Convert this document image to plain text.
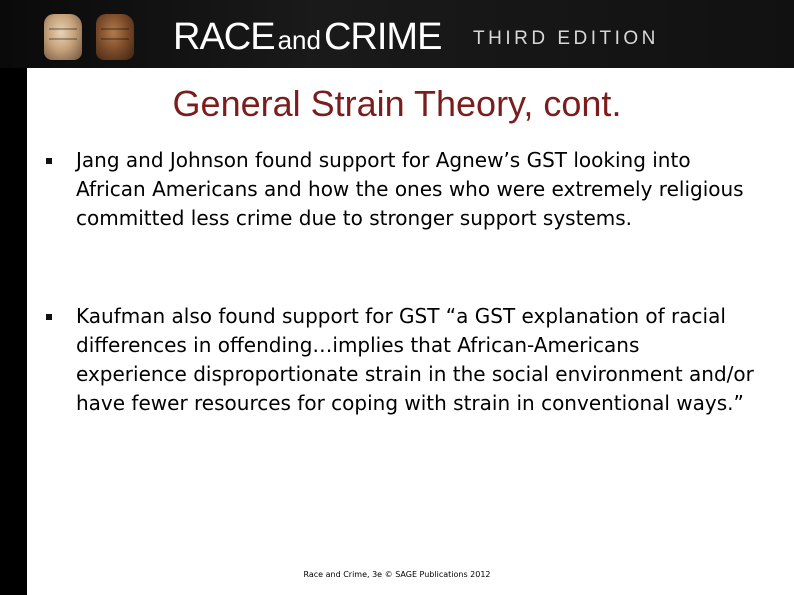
RACE andCRIME THIRD EDITION
General Strain Theory, cont.
Jang and Johnson found support for Agnew’s GST looking into African Americans and how the ones who were extremely religious committed less crime due to stronger support systems.
Kaufman also found support for GST “a GST explanation of racial differences in offending…implies that African-Americans experience disproportionate strain in the social environment and/or have fewer resources for coping with strain in conventional ways.”
Race and Crime, 3e © SAGE Publications 2012
